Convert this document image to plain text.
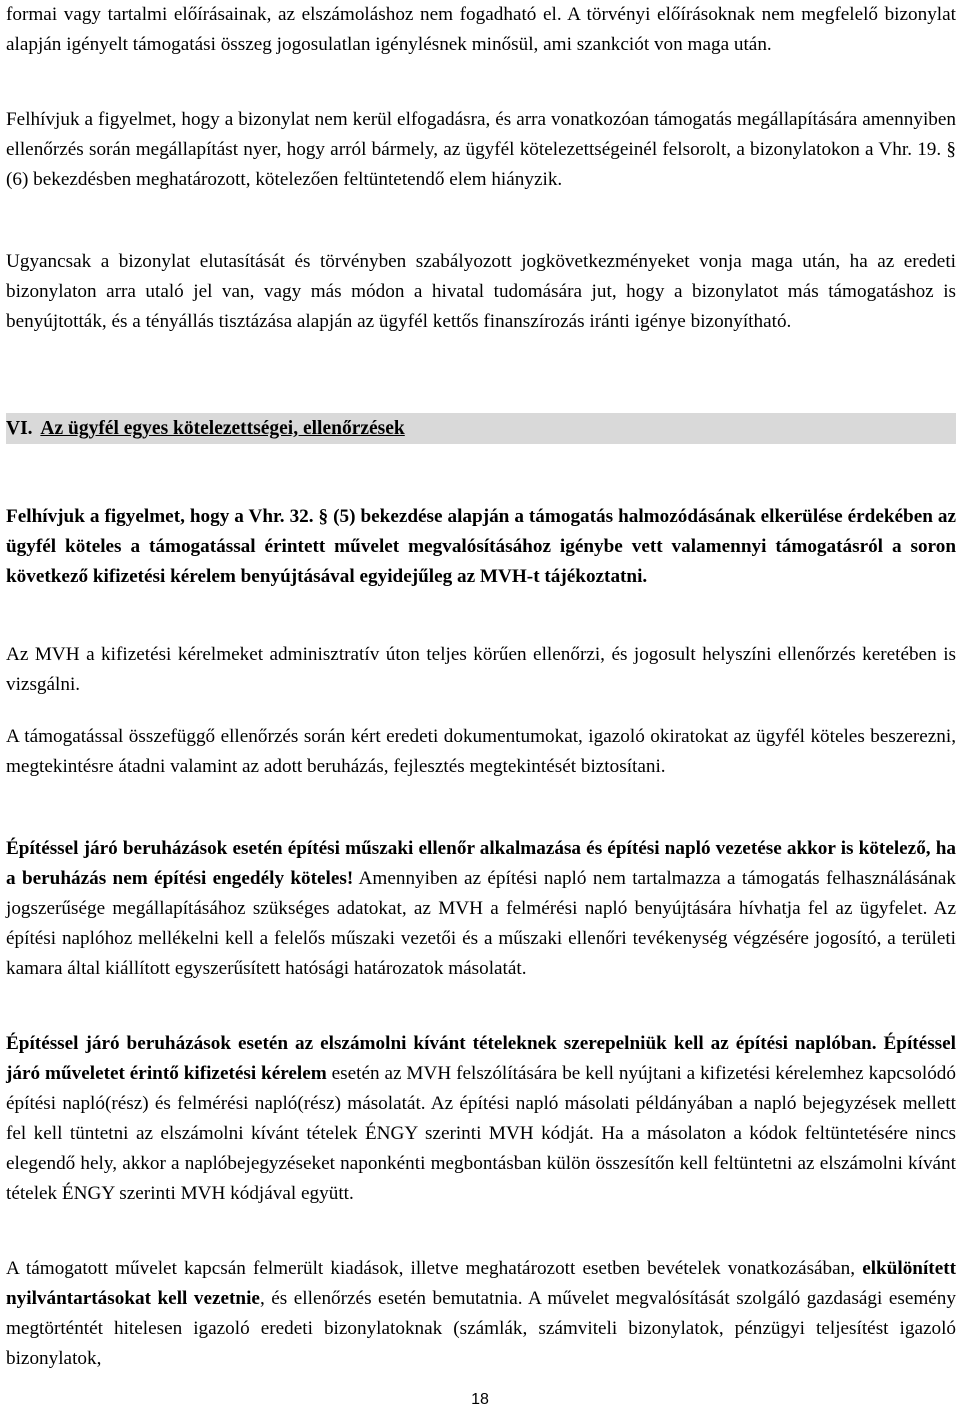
formai vagy tartalmi előírásainak, az elszámoláshoz nem fogadható el. A törvényi előírásoknak nem megfelelő bizonylat alapján igényelt támogatási összeg jogosulatlan igénylésnek minősül, ami szankciót von maga után.

Felhívjuk a figyelmet, hogy a bizonylat nem kerül elfogadásra, és arra vonatkozóan támogatás megállapítására amennyiben ellenőrzés során megállapítást nyer, hogy arról bármely, az ügyfél kötelezettségeinél felsorolt, a bizonylatokon a Vhr. 19. § (6) bekezdésben meghatározott, kötelezően feltüntetendő elem hiányzik.

Ugyancsak a bizonylat elutasítását és törvényben szabályozott jogkövetkezményeket vonja maga után, ha az eredeti bizonylaton arra utaló jel van, vagy más módon a hivatal tudomására jut, hogy a bizonylatot más támogatáshoz is benyújtották, és a tényállás tisztázása alapján az ügyfél kettős finanszírozás iránti igénye bizonyítható.

Felhívjuk a figyelmet, hogy a Vhr. 32. § (5) bekezdése alapján a támogatás halmozódásának elkerülése érdekében az ügyfél köteles a támogatással érintett művelet megvalósításához igénybe vett valamennyi támogatásról a soron következő kifizetési kérelem benyújtásával egyidejűleg az MVH-t tájékoztatni.

Az MVH a kifizetési kérelmeket adminisztratív úton teljes körűen ellenőrzi, és jogosult helyszíni ellenőrzés keretében is vizsgálni.

A támogatással összefüggő ellenőrzés során kért eredeti dokumentumokat, igazoló okiratokat az ügyfél köteles beszerezni, megtekintésre átadni valamint az adott beruházás, fejlesztés megtekintését biztosítani.

Építéssel járó beruházások esetén építési műszaki ellenőr alkalmazása és építési napló vezetése akkor is kötelező, ha a beruházás nem építési engedély köteles! Amennyiben az építési napló nem tartalmazza a támogatás felhasználásának jogszerűsége megállapításához szükséges adatokat, az MVH a felmérési napló benyújtására hívhatja fel az ügyfelet. Az építési naplóhoz mellékelni kell a felelős műszaki vezetői és a műszaki ellenőri tevékenység végzésére jogosító, a területi kamara által kiállított egyszerűsített hatósági határozatok másolatát.

Építéssel járó beruházások esetén az elszámolni kívánt tételeknek szerepelniük kell az építési naplóban. Építéssel járó műveletet érintő kifizetési kérelem esetén az MVH felszólítására be kell nyújtani a kifizetési kérelemhez kapcsolódó építési napló(rész) és felmérési napló(rész) másolatát. Az építési napló másolati példányában a napló bejegyzések mellett fel kell tüntetni az elszámolni kívánt tételek ÉNGY szerinti MVH kódját. Ha a másolaton a kódok feltüntetésére nincs elegendő hely, akkor a naplóbejegyzéseket naponkénti megbontásban külön összesítőn kell feltüntetni az elszámolni kívánt tételek ÉNGY szerinti MVH kódjával együtt.

A támogatott művelet kapcsán felmerült kiadások, illetve meghatározott esetben bevételek vonatkozásában, elkülönített nyilvántartásokat kell vezetnie, és ellenőrzés esetén bemutatnia. A művelet megvalósítását szolgáló gazdasági esemény megtörténtét hitelesen igazoló eredeti bizonylatoknak (számlák, számviteli bizonylatok, pénzügyi teljesítést igazoló bizonylatok,

VI. Az ügyfél egyes kötelezettségei, ellenőrzések
18
